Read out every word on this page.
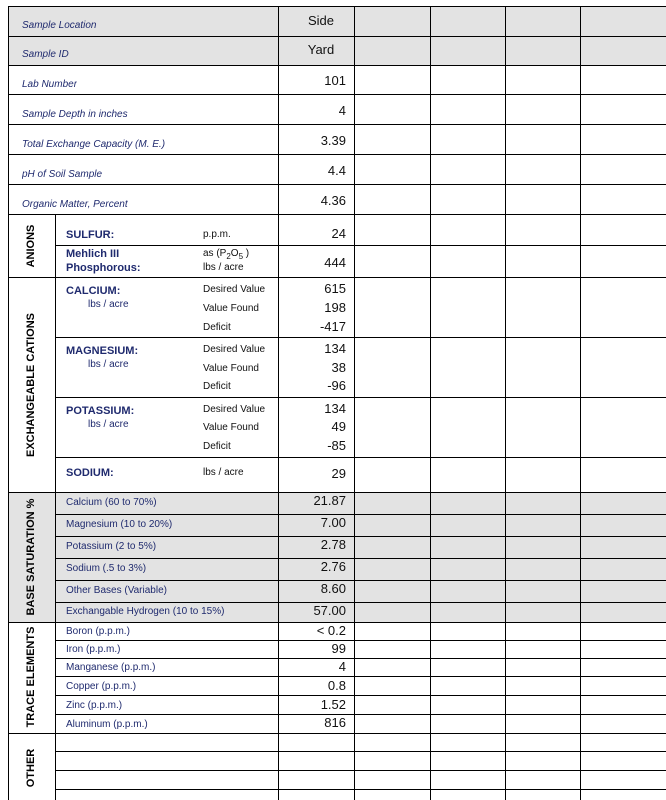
Sample Location	Side
Sample ID	Yard
Lab Number	101
Sample Depth in inches	4
Total Exchange Capacity (M. E.)	3.39
pH of Soil Sample	4.4
Organic Matter, Percent	4.36
ANIONS	SULFUR:	p.p.m.	24
Mehlich III
Phosphorous:
as ($P_2O_5$ )
lbs / acre	444
EXCHANGEABLE CATIONS
CALCIUM:
lbs / acre
Desired Value	615
Value Found	198
Deficit	-417
MAGNESIUM:
lbs / acre
Desired Value	134
Value Found	38
Deficit	-96
POTASSIUM:
lbs / acre
Desired Value	134
Value Found	49
Deficit	-85
SODIUM:	lbs / acre	29
BASE SATURATION %	Calcium (60 to 70%)	21.87
Magnesium (10 to 20%)	7.00
Potassium (2 to 5%)	2.78
Sodium (.5 to 3%)	2.76
Other Bases (Variable)	8.60
Exchangable Hydrogen (10 to 15%)	57.00
TRACE ELEMENTS	Boron (p.p.m.)	< 0.2
Iron (p.p.m.)	99
Manganese (p.p.m.)	4
Copper (p.p.m.)	0.8
Zinc (p.p.m.)	1.52
Aluminum (p.p.m.)	816
OTHER
